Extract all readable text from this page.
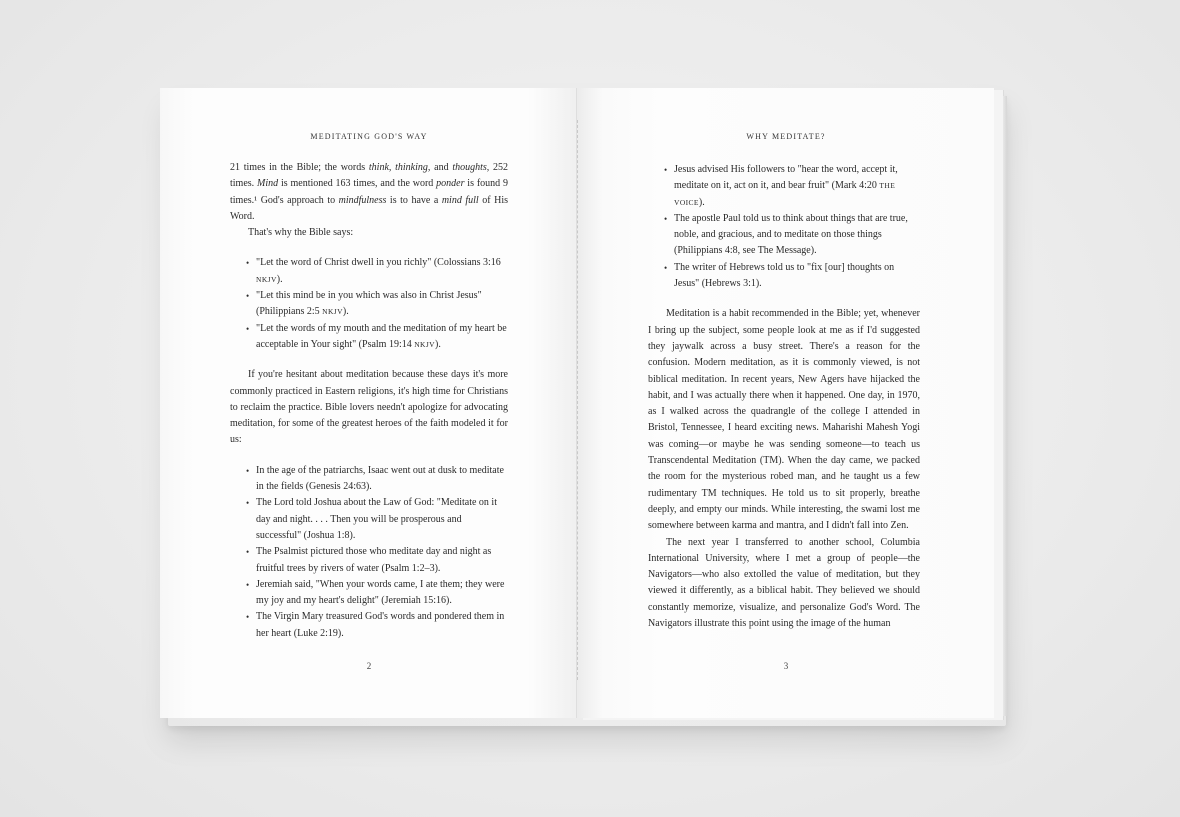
MEDITATING GOD'S WAY

21 times in the Bible; the words think, thinking, and thoughts, 252 times. Mind is mentioned 163 times, and the word ponder is found 9 times.¹ God's approach to mindfulness is to have a mind full of His Word.

That's why the Bible says:

• "Let the word of Christ dwell in you richly" (Colossians 3:16 NKJV).
• "Let this mind be in you which was also in Christ Jesus" (Philippians 2:5 NKJV).
• "Let the words of my mouth and the meditation of my heart be acceptable in Your sight" (Psalm 19:14 NKJV).

If you're hesitant about meditation because these days it's more commonly practiced in Eastern religions, it's high time for Christians to reclaim the practice. Bible lovers needn't apologize for advocating meditation, for some of the greatest heroes of the faith modeled it for us:

• In the age of the patriarchs, Isaac went out at dusk to meditate in the fields (Genesis 24:63).
• The Lord told Joshua about the Law of God: "Meditate on it day and night. . . . Then you will be prosperous and successful" (Joshua 1:8).
• The Psalmist pictured those who meditate day and night as fruitful trees by rivers of water (Psalm 1:2–3).
• Jeremiah said, "When your words came, I ate them; they were my joy and my heart's delight" (Jeremiah 15:16).
• The Virgin Mary treasured God's words and pondered them in her heart (Luke 2:19).
2
WHY MEDITATE?
• Jesus advised His followers to "hear the word, accept it, meditate on it, act on it, and bear fruit" (Mark 4:20 THE VOICE).
• The apostle Paul told us to think about things that are true, noble, and gracious, and to meditate on those things (Philippians 4:8, see The Message).
• The writer of Hebrews told us to "fix [our] thoughts on Jesus" (Hebrews 3:1).

Meditation is a habit recommended in the Bible; yet, whenever I bring up the subject, some people look at me as if I'd suggested they jaywalk across a busy street. There's a reason for the confusion. Modern meditation, as it is commonly viewed, is not biblical meditation. In recent years, New Agers have hijacked the habit, and I was actually there when it happened. One day, in 1970, as I walked across the quadrangle of the college I attended in Bristol, Tennessee, I heard exciting news. Maharishi Mahesh Yogi was coming—or maybe he was sending someone—to teach us Transcendental Meditation (TM). When the day came, we packed the room for the mysterious robed man, and he taught us a few rudimentary TM techniques. He told us to sit properly, breathe deeply, and empty our minds. While interesting, the swami lost me somewhere between karma and mantra, and I didn't fall into Zen.

The next year I transferred to another school, Columbia International University, where I met a group of people—the Navigators—who also extolled the value of meditation, but they viewed it differently, as a biblical habit. They believed we should constantly memorize, visualize, and personalize God's Word. The Navigators illustrate this point using the image of the human

3
